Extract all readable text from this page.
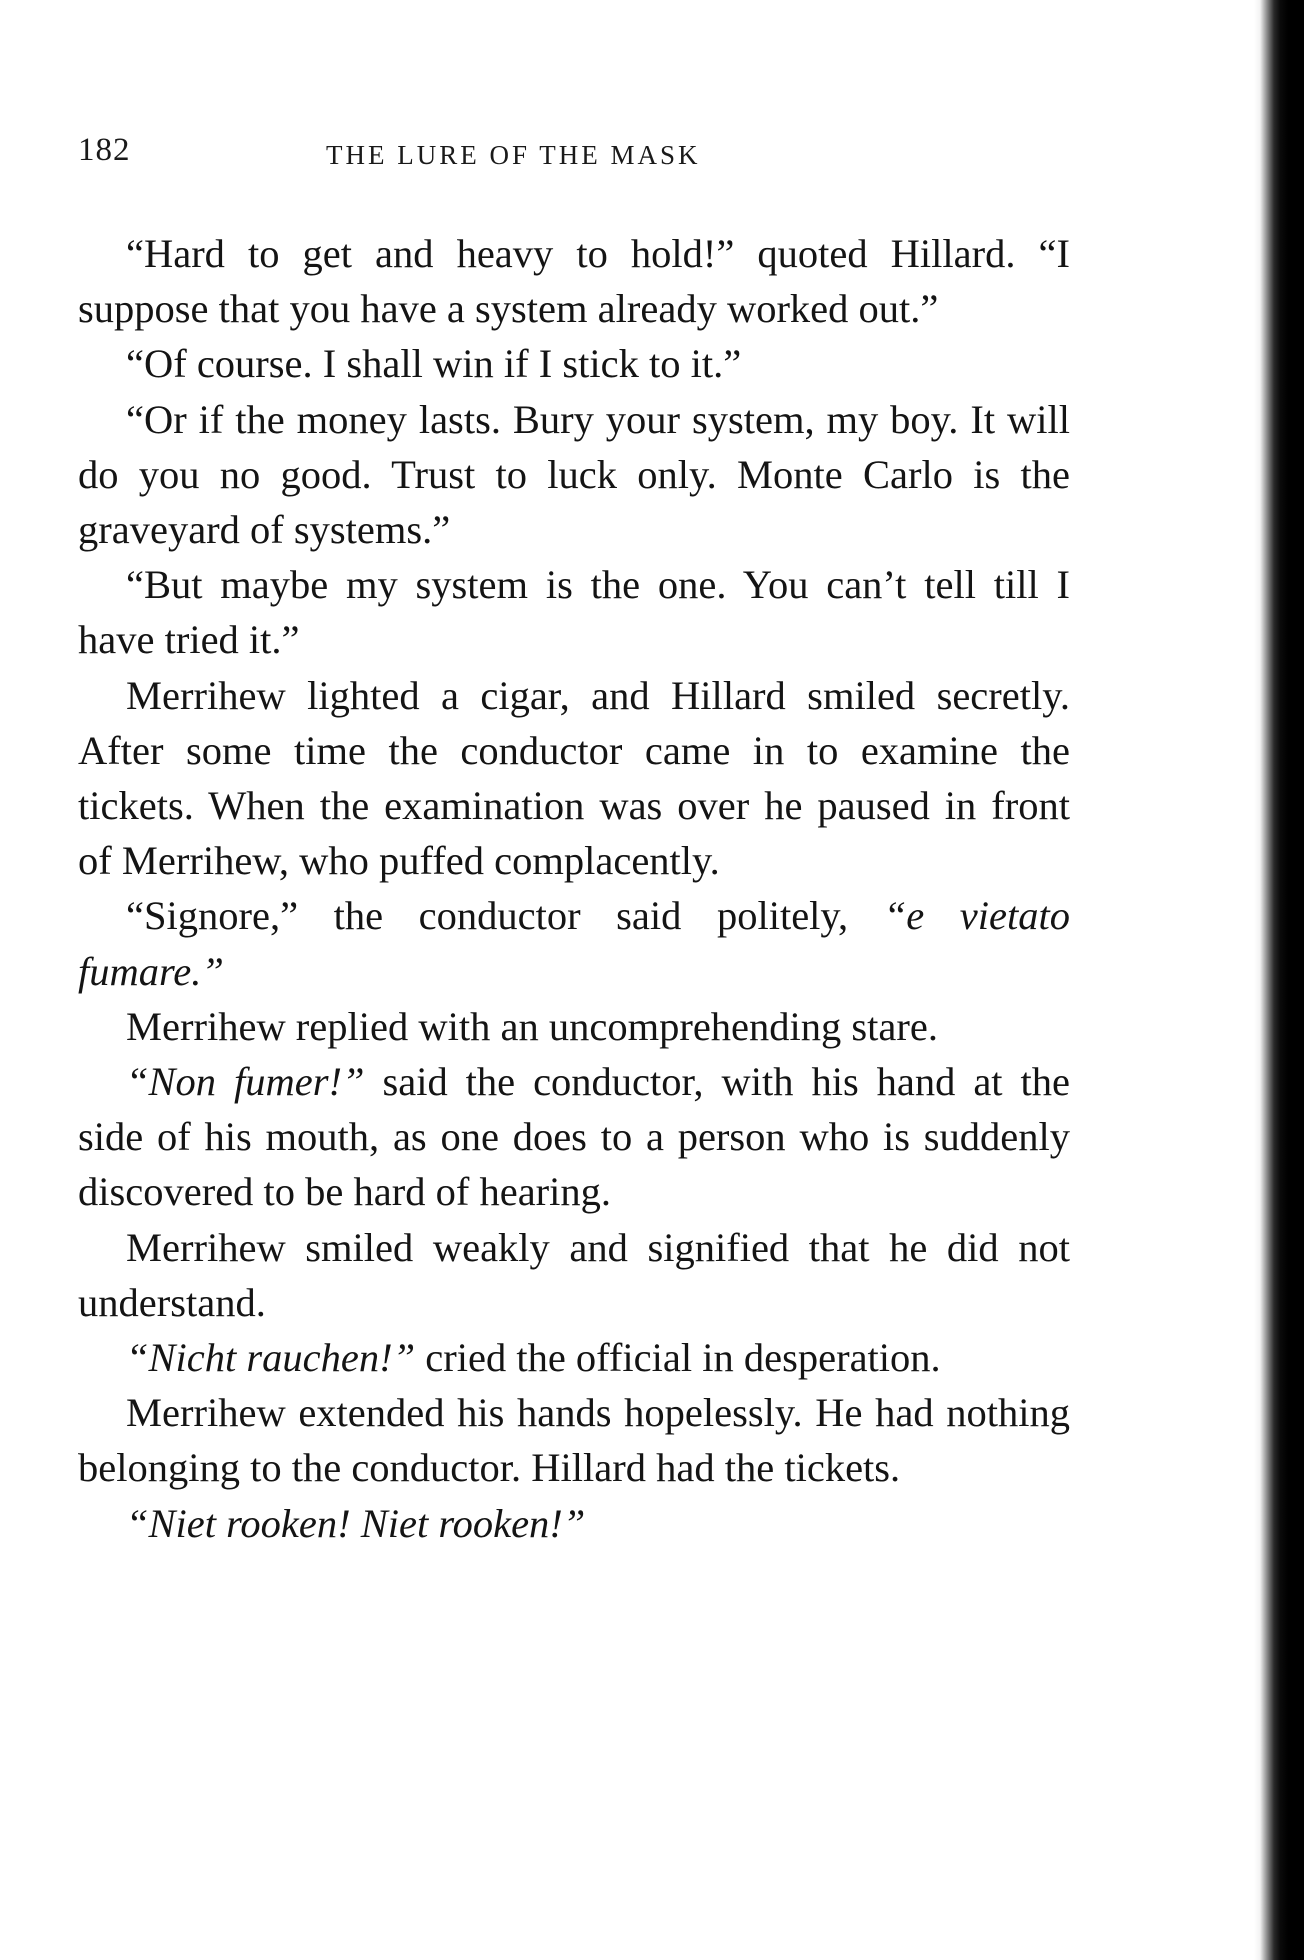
182	THE LURE OF THE MASK

“Hard to get and heavy to hold!” quoted Hillard. “I suppose that you have a system already worked out.”

“Of course. I shall win if I stick to it.”

“Or if the money lasts. Bury your system, my boy. It will do you no good. Trust to luck only. Monte Carlo is the graveyard of systems.”

“But maybe my system is the one. You can’t tell till I have tried it.”

Merrihew lighted a cigar, and Hillard smiled secretly. After some time the conductor came in to examine the tickets. When the examination was over he paused in front of Merrihew, who puffed complacently.

“Signore,” the conductor said politely, “e vietato fumare.”

Merrihew replied with an uncomprehending stare.

“Non fumer!” said the conductor, with his hand at the side of his mouth, as one does to a person who is suddenly discovered to be hard of hearing.

Merrihew smiled weakly and signified that he did not understand.

“Nicht rauchen!” cried the official in desperation.

Merrihew extended his hands hopelessly. He had nothing belonging to the conductor. Hillard had the tickets.

“Niet rooken! Niet rooken!”
